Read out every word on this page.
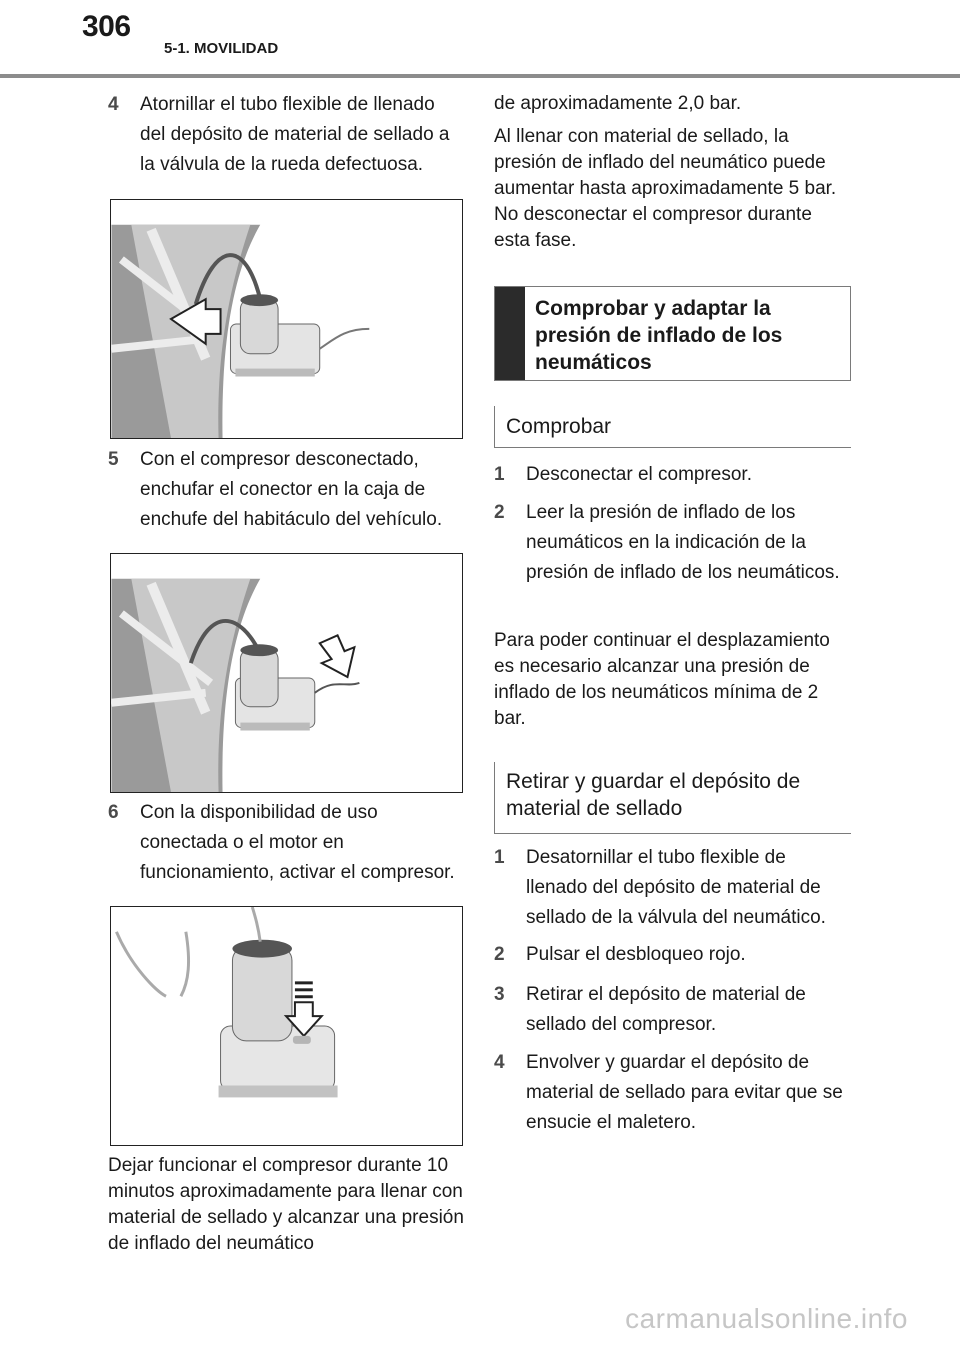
306
5-1. MOVILIDAD
4 Atornillar el tubo flexible de llenado del depósito de material de sellado a la válvula de la rueda defectuosa.
5 Con el compresor desconectado, enchufar el conector en la caja de enchufe del habitáculo del vehículo.
6 Con la disponibilidad de uso conectada o el motor en funcionamiento, activar el compresor.
Dejar funcionar el compresor durante 10 minutos aproximadamente para llenar con material de sellado y alcanzar una presión de inflado del neumático
de aproximadamente 2,0 bar.
Al llenar con material de sellado, la presión de inflado del neumático puede aumentar hasta aproximadamente 5 bar. No desconectar el compresor durante esta fase.
Comprobar y adaptar la presión de inflado de los neumáticos
Comprobar
1 Desconectar el compresor.
2 Leer la presión de inflado de los neumáticos en la indicación de la presión de inflado de los neumáticos.
Para poder continuar el desplazamiento es necesario alcanzar una presión de inflado de los neumáticos mínima de 2 bar.
Retirar y guardar el depósito de material de sellado
1 Desatornillar el tubo flexible de llenado del depósito de material de sellado de la válvula del neumático.
2 Pulsar el desbloqueo rojo.
3 Retirar el depósito de material de sellado del compresor.
4 Envolver y guardar el depósito de material de sellado para evitar que se ensucie el maletero.
carmanualsonline.info
